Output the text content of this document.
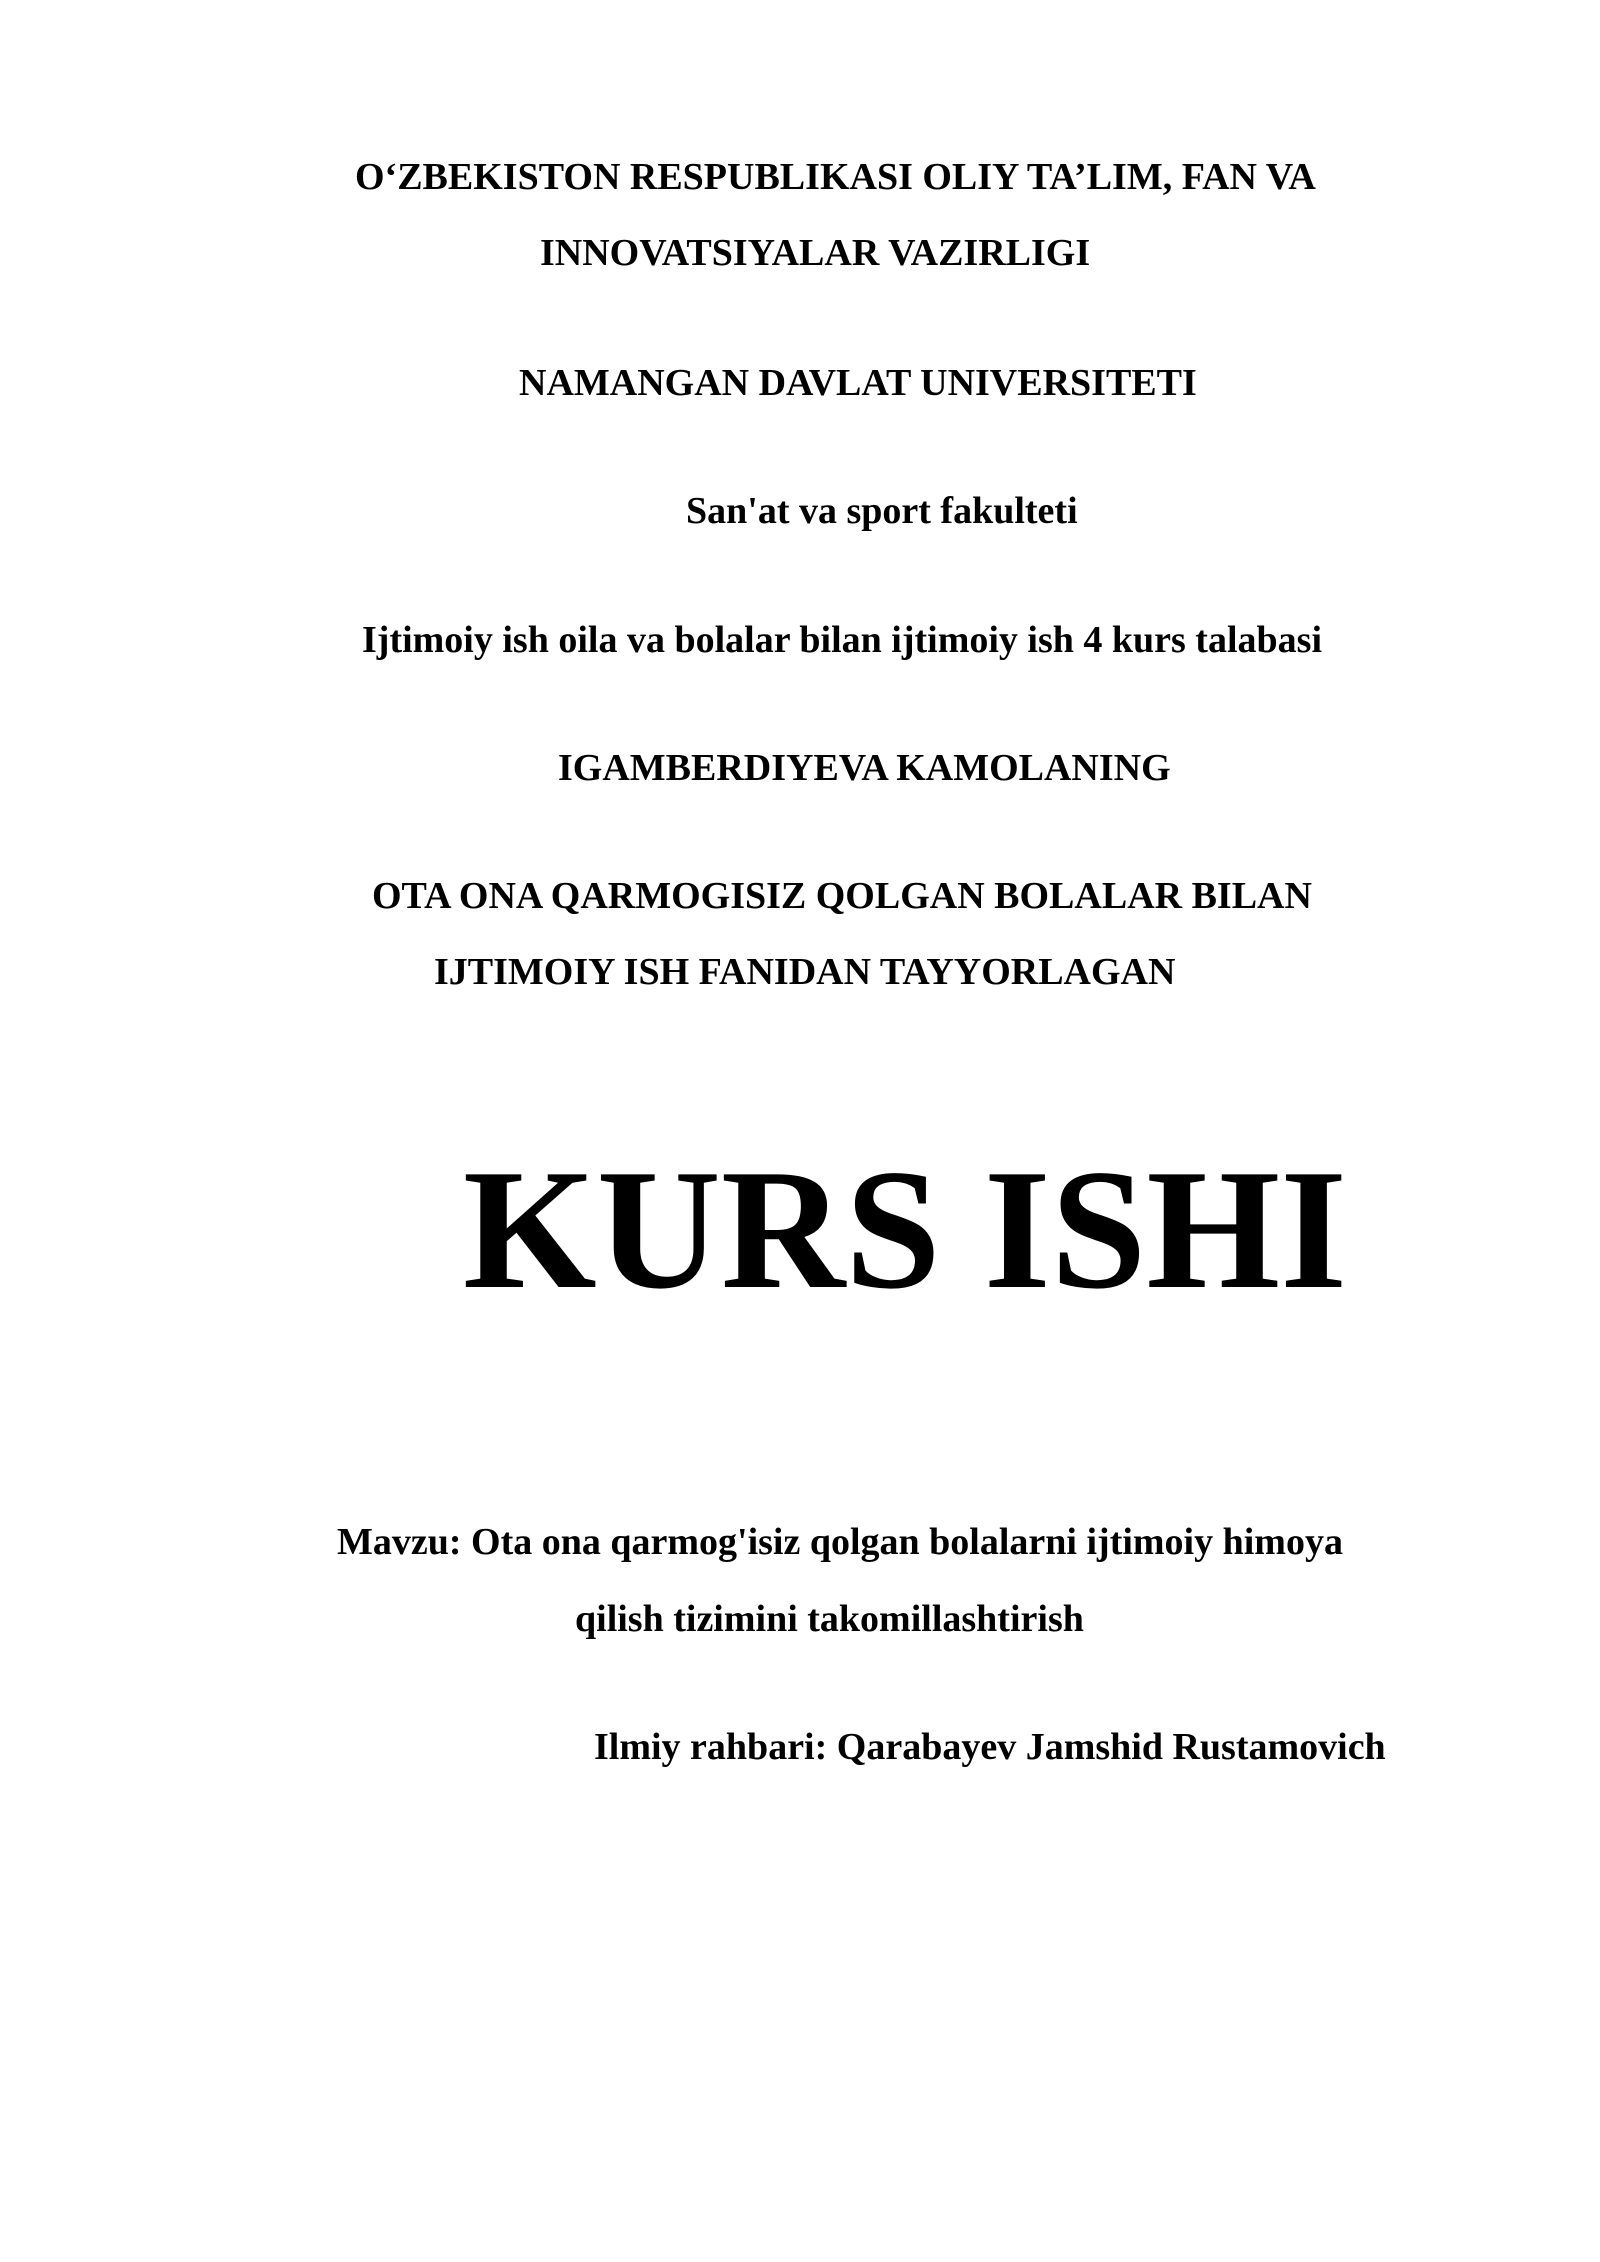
O‘ZBEKISTON RESPUBLIKASI OLIY TA’LIM, FAN VA
INNOVATSIYALAR VAZIRLIGI
NAMANGAN DAVLAT UNIVERSITETI
San'at va sport fakulteti
Ijtimoiy ish oila va bolalar bilan ijtimoiy ish 4 kurs talabasi
IGAMBERDIYEVA KAMOLANING
OTA ONA QARMOGISIZ QOLGAN BOLALAR BILAN
IJTIMOIY ISH FANIDAN TAYYORLAGAN
KURS ISHI
Mavzu: Ota ona qarmog'isiz qolgan bolalarni ijtimoiy himoya
qilish tizimini takomillashtirish
Ilmiy rahbari: Qarabayev Jamshid Rustamovich
